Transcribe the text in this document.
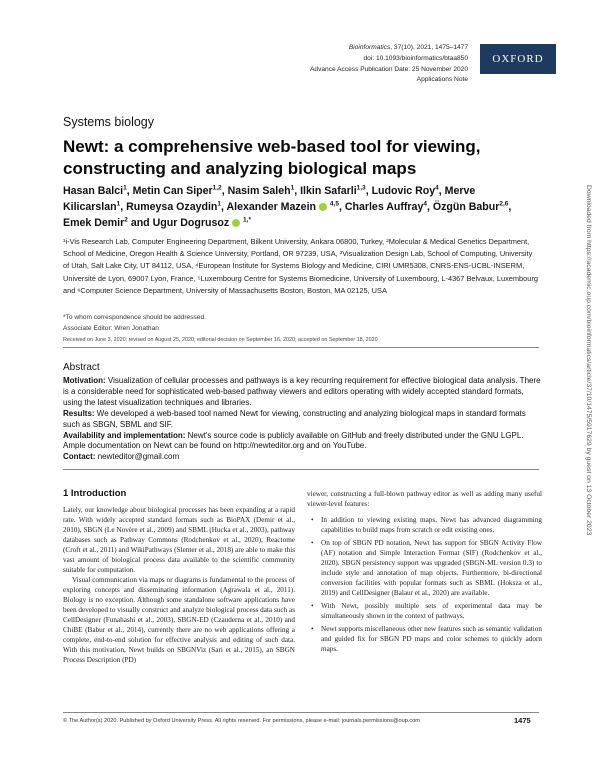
Bioinformatics, 37(10), 2021, 1475–1477
doi: 10.1093/bioinformatics/btaa850
Advance Access Publication Date: 25 November 2020
Applications Note
OXFORD
Systems biology
Newt: a comprehensive web-based tool for viewing, constructing and analyzing biological maps
Hasan Balci$^1$, Metin Can Siper$^{1,2}$, Nasim Saleh$^1$, Ilkin Safarli$^{1,3}$, Ludovic Roy$^4$, Merve Kilicarslan$^1$, Rumeysa Ozaydin$^1$, Alexander Mazein $^{4,5}$, Charles Auffray$^4$, Özgün Babur$^{2,6}$, Emek Demir$^2$ and Ugur Dogrusoz $^{1,*}$
¹i-Vis Research Lab, Computer Engineering Department, Bilkent University, Ankara 06800, Turkey, ²Molecular & Medical Genetics Department, School of Medicine, Oregon Health & Science University, Portland, OR 97239, USA, ³Visualization Design Lab, School of Computing, University of Utah, Salt Lake City, UT 84112, USA, ⁴European Institute for Systems Biology and Medicine, CIRI UMR5308, CNRS-ENS-UCBL-INSERM, Université de Lyon, 69007 Lyon, France, ⁵Luxembourg Centre for Systems Biomedicine, University of Luxembourg, L-4367 Belvaux, Luxembourg and ⁶Computer Science Department, University of Massachusetts Boston, Boston, MA 02125, USA
*To whom correspondence should be addressed.
Associate Editor: Wren Jonathan
Received on June 3, 2020; revised on August 25, 2020; editorial decision on September 16, 2020; accepted on September 18, 2020
Abstract

Motivation: Visualization of cellular processes and pathways is a key recurring requirement for effective biological data analysis. There is a considerable need for sophisticated web-based pathway viewers and editors operating with widely accepted standard formats, using the latest visualization techniques and libraries.

Results: We developed a web-based tool named Newt for viewing, constructing and analyzing biological maps in standard formats such as SBGN, SBML and SIF.

Availability and implementation: Newt's source code is publicly available on GitHub and freely distributed under the GNU LGPL. Ample documentation on Newt can be found on http://newteditor.org and on YouTube.

Contact: newteditor@gmail.com

1 Introduction

Lately, our knowledge about biological processes has been expanding at a rapid rate. With widely accepted standard formats such as BioPAX (Demir et al., 2010), SBGN (Le Novère et al., 2009) and SBML (Hucka et al., 2003), pathway databases such as Pathway Commons (Rodchenkov et al., 2020), Reactome (Croft et al., 2011) and WikiPathways (Slenter et al., 2018) are able to make this vast amount of biological process data available to the scientific community suitable for computation.

Visual communication via maps or diagrams is fundamental to the process of exploring concepts and disseminating information (Agrawala et al., 2011). Biology is no exception. Although some standalone software applications have been developed to visually construct and analyze biological process data such as CellDesigner (Funahashi et al., 2003), SBGN-ED (Czauderna et al., 2010) and ChiBE (Babur et al., 2014), currently there are no web applications offering a complete, end-to-end solution for effective analysis and editing of such data. With this motivation, Newt builds on SBGNViz (Sari et al., 2015), an SBGN Process Description (PD)

viewer, constructing a full-blown pathway editor as well as adding many useful viewer-level features:

• In addition to viewing existing maps, Newt has advanced diagramming capabilities to build maps from scratch or edit existing ones.
• On top of SBGN PD notation, Newt has support for SBGN Activity Flow (AF) notation and Simple Interaction Format (SIF) (Rodchenkov et al., 2020). SBGN persistency support was upgraded (SBGN-ML version 0.3) to include style and annotation of map objects. Furthermore, bi-directional conversion facilities with popular formats such as SBML (Hoksza et al., 2019) and CellDesigner (Balaur et al., 2020) are available.
• With Newt, possibly multiple sets of experimental data may be simultaneously shown in the context of pathways.
• Newt supports miscellaneous other new features such as semantic validation and guided fix for SBGN PD maps and color schemes to quickly adorn maps.
© The Author(s) 2020. Published by Oxford University Press. All rights reserved. For permissions, please e-mail: journals.permissions@oup.com	1475
Downloaded from https://academic.oup.com/bioinformatics/article/37/10/1475/5917629 by guest on 13 October 2023
